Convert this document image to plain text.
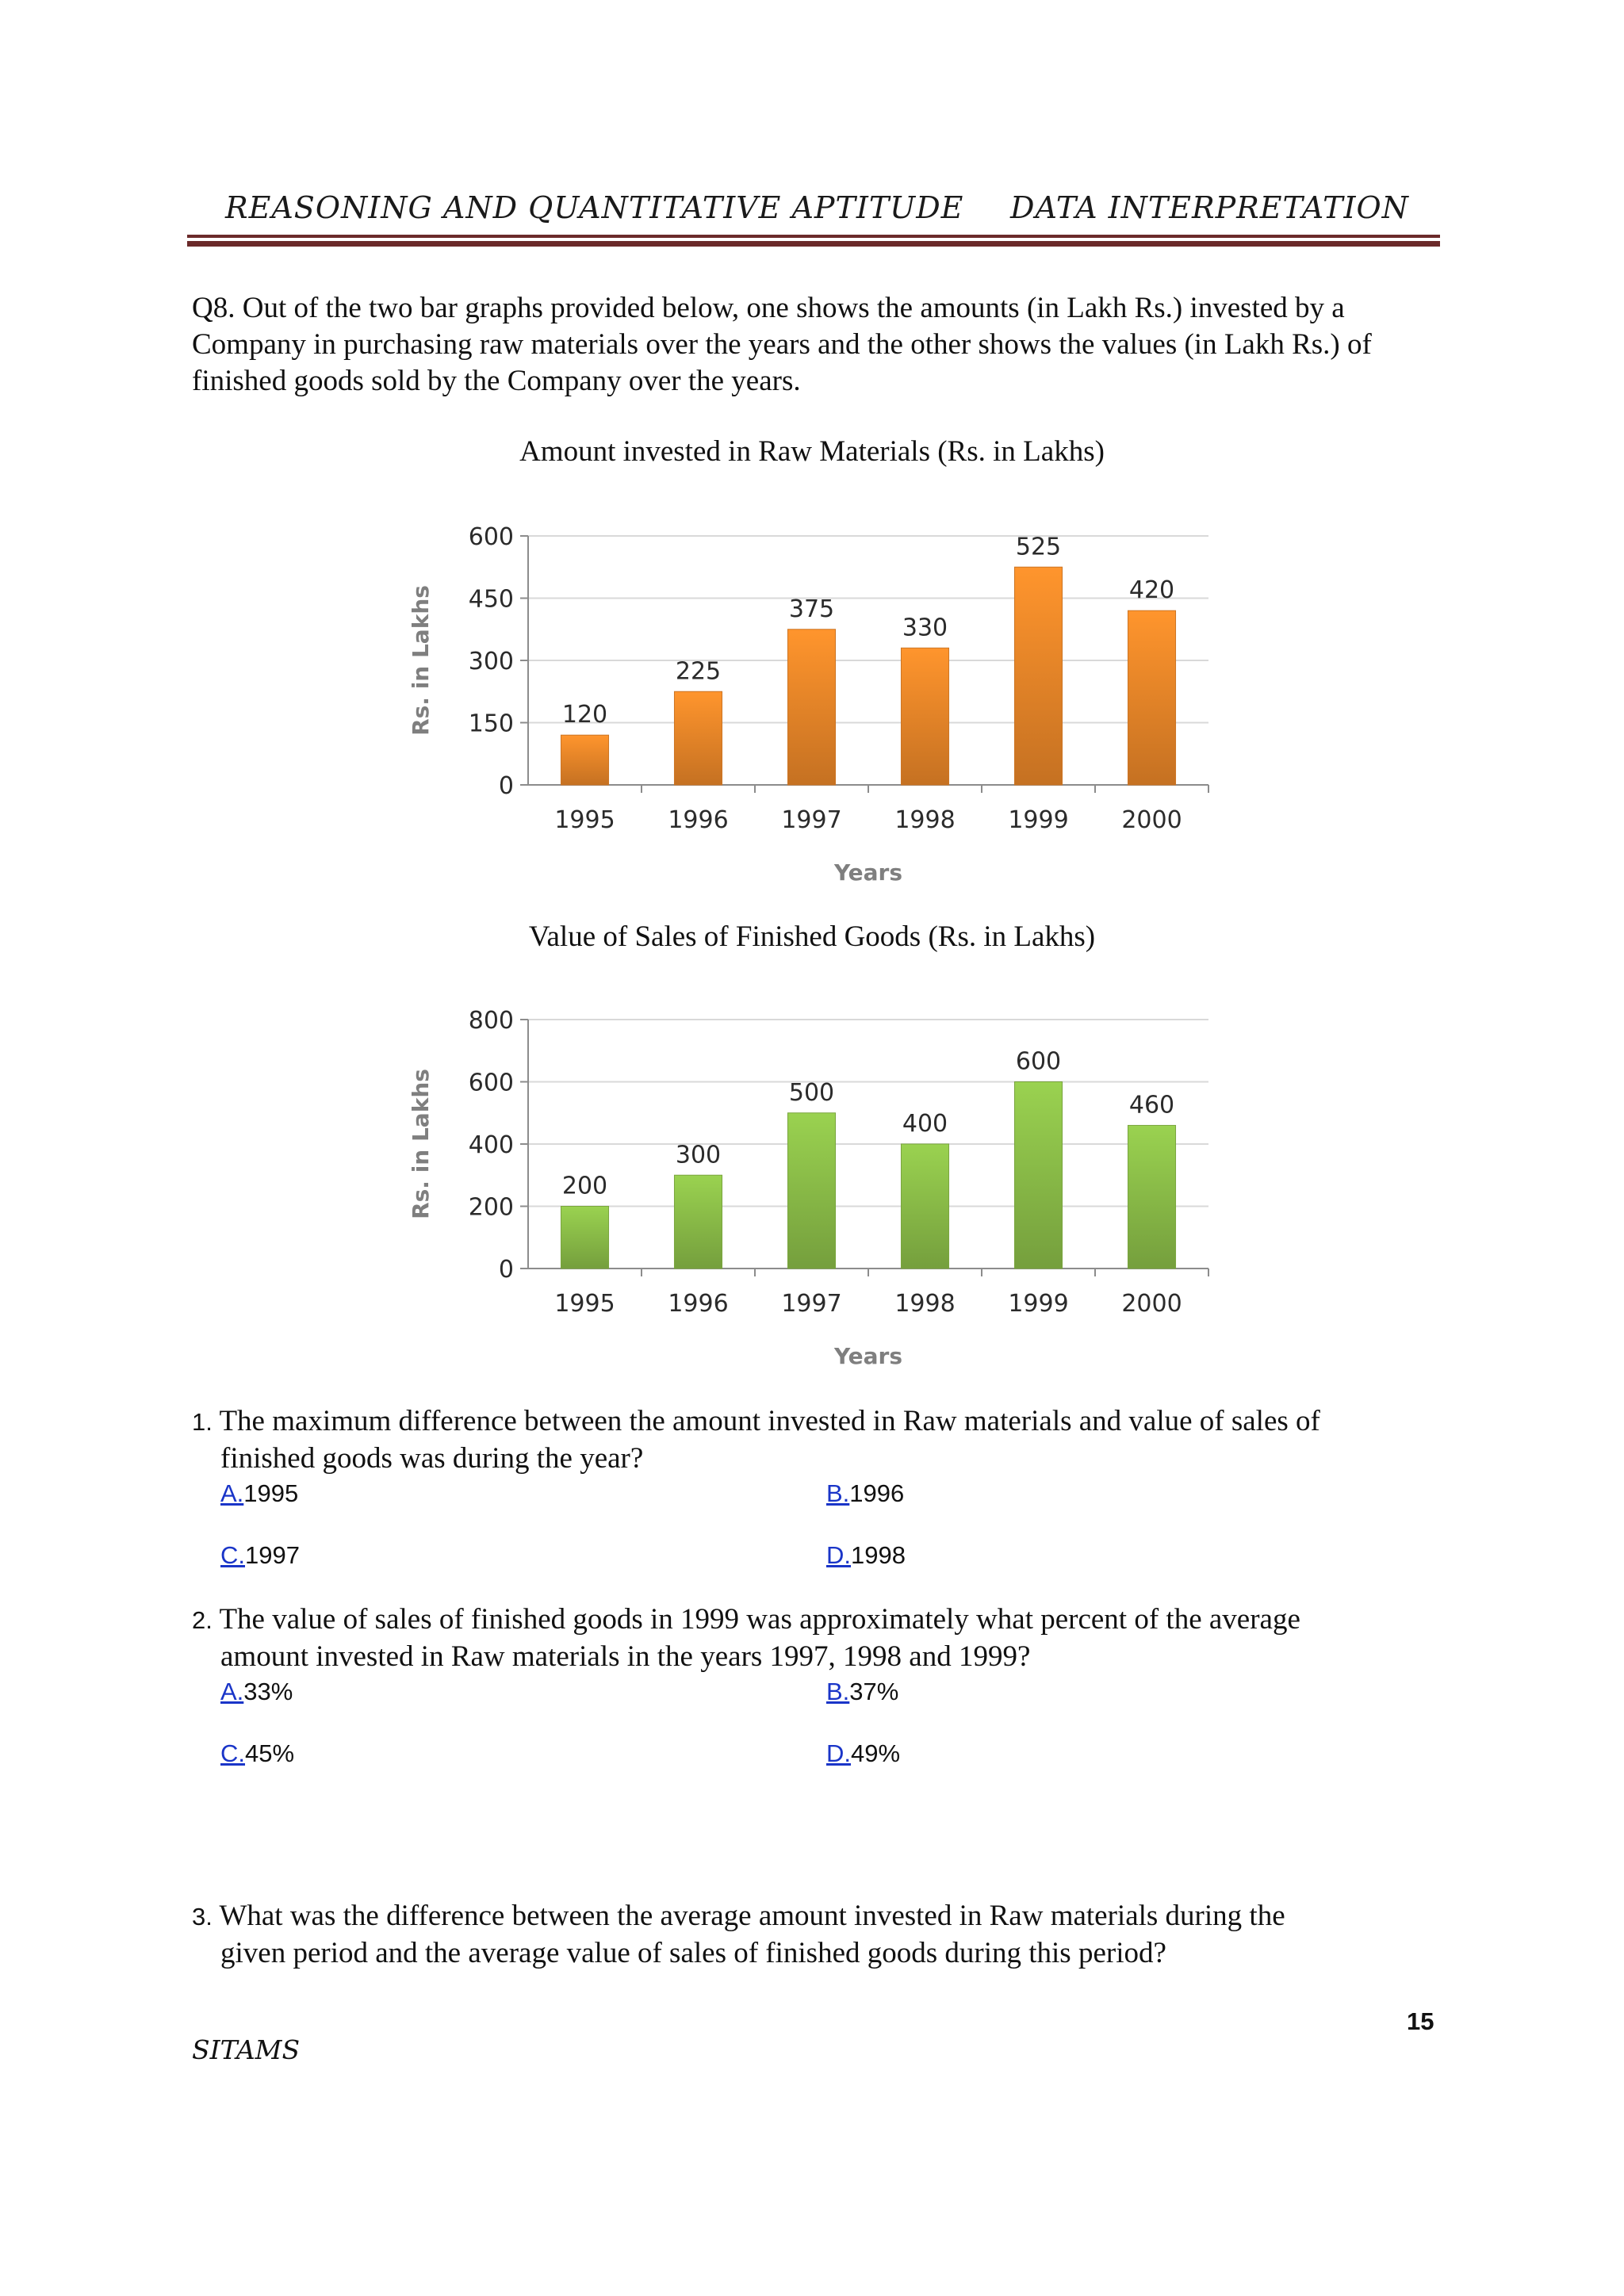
REASONING AND QUANTITATIVE APTITUDE DATA INTERPRETATION
Q8. Out of the two bar graphs provided below, one shows the amounts (in Lakh Rs.) invested by a Company in purchasing raw materials over the years and the other shows the values (in Lakh Rs.) of finished goods sold by the Company over the years.
Amount invested in Raw Materials (Rs. in Lakhs)
0
150
300
450
600
120
1995
225
1996
375
1997
330
1998
525
1999
420
2000
Years
Rs. in Lakhs
Value of Sales of Finished Goods (Rs. in Lakhs)
0
200
400
600
800
200
1995
300
1996
500
1997
400
1998
600
1999
460
2000
Years
Rs. in Lakhs
1. The maximum difference between the amount invested in Raw materials and value of sales of
finished goods was during the year?
A.1995	B.1996
C.1997	D.1998
2. The value of sales of finished goods in 1999 was approximately what percent of the average
amount invested in Raw materials in the years 1997, 1998 and 1999?
A.33%	B.37%
C.45%	D.49%
3. What was the difference between the average amount invested in Raw materials during the
given period and the average value of sales of finished goods during this period?
15
SITAMS
